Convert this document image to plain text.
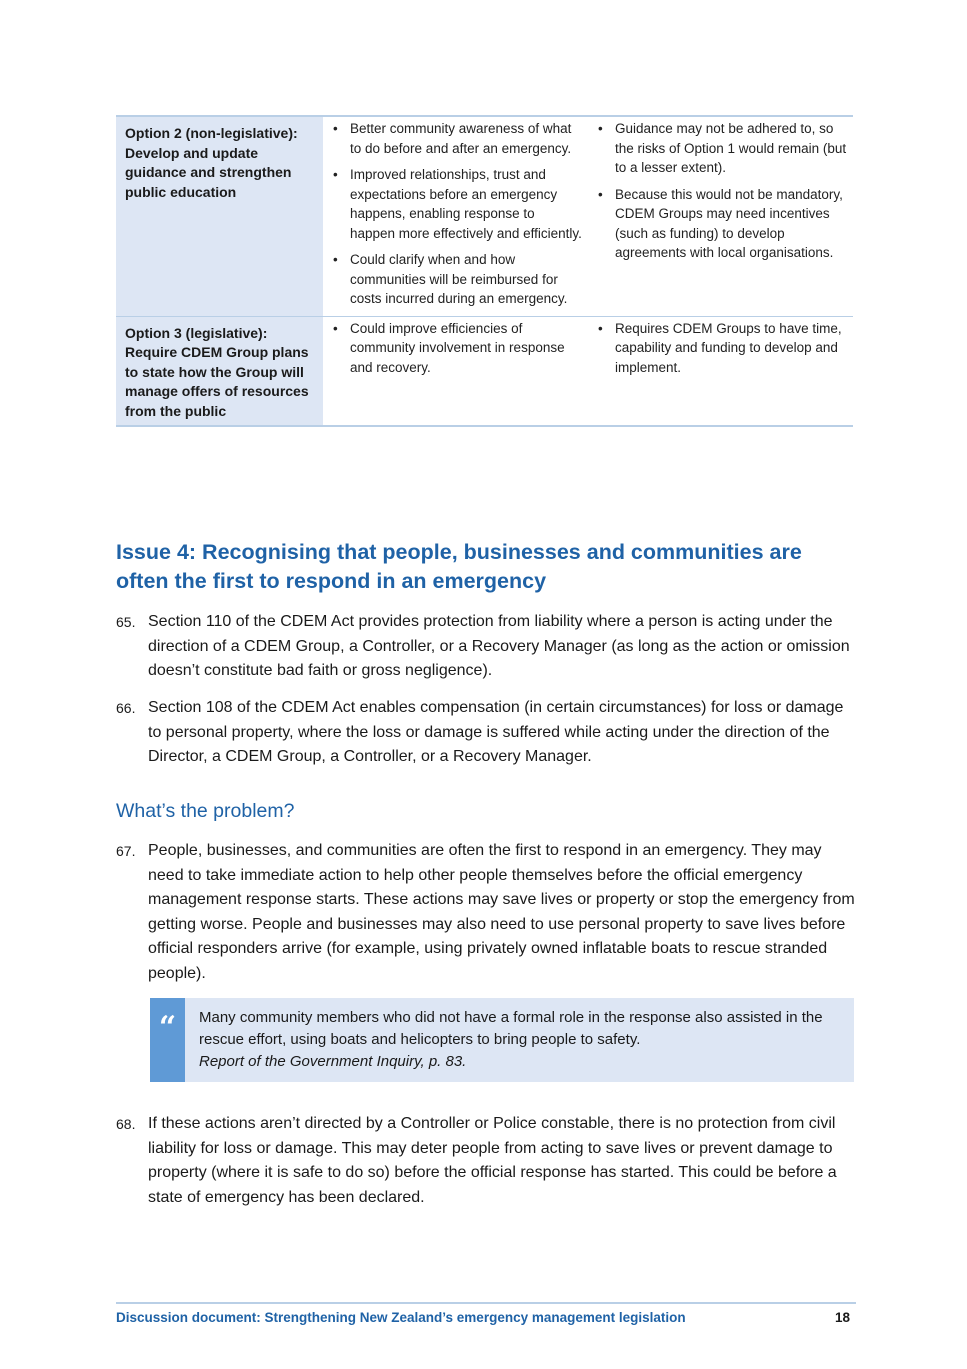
Option 2 (non-legislative): Develop and update guidance and strengthen public education
• Better community awareness of what to do before and after an emergency.
• Improved relationships, trust and expectations before an emergency happens, enabling response to happen more effectively and efficiently.
• Could clarify when and how communities will be reimbursed for costs incurred during an emergency.
• Guidance may not be adhered to, so the risks of Option 1 would remain (but to a lesser extent).
• Because this would not be mandatory, CDEM Groups may need incentives (such as funding) to develop agreements with local organisations.
Option 3 (legislative): Require CDEM Group plans to state how the Group will manage offers of resources from the public
• Could improve efficiencies of community involvement in response and recovery.
• Requires CDEM Groups to have time, capability and funding to develop and implement.
Issue 4: Recognising that people, businesses and communities are often the first to respond in an emergency

65. Section 110 of the CDEM Act provides protection from liability where a person is acting under the direction of a CDEM Group, a Controller, or a Recovery Manager (as long as the action or omission doesn’t constitute bad faith or gross negligence).

66. Section 108 of the CDEM Act enables compensation (in certain circumstances) for loss or damage to personal property, where the loss or damage is suffered while acting under the direction of the Director, a CDEM Group, a Controller, or a Recovery Manager.

What’s the problem?

67. People, businesses, and communities are often the first to respond in an emergency. They may need to take immediate action to help other people themselves before the official emergency management response starts. These actions may save lives or property or stop the emergency from getting worse. People and businesses may also need to use personal property to save lives before official responders arrive (for example, using privately owned inflatable boats to rescue stranded people).

“	Many community members who did not have a formal role in the response also assisted in the rescue effort, using boats and helicopters to bring people to safety.
Report of the Government Inquiry, p. 83.

68. If these actions aren’t directed by a Controller or Police constable, there is no protection from civil liability for loss or damage. This may deter people from acting to save lives or prevent damage to property (where it is safe to do so) before the official response has started. This could be before a state of emergency has been declared.

Discussion document: Strengthening New Zealand’s emergency management legislation	18
